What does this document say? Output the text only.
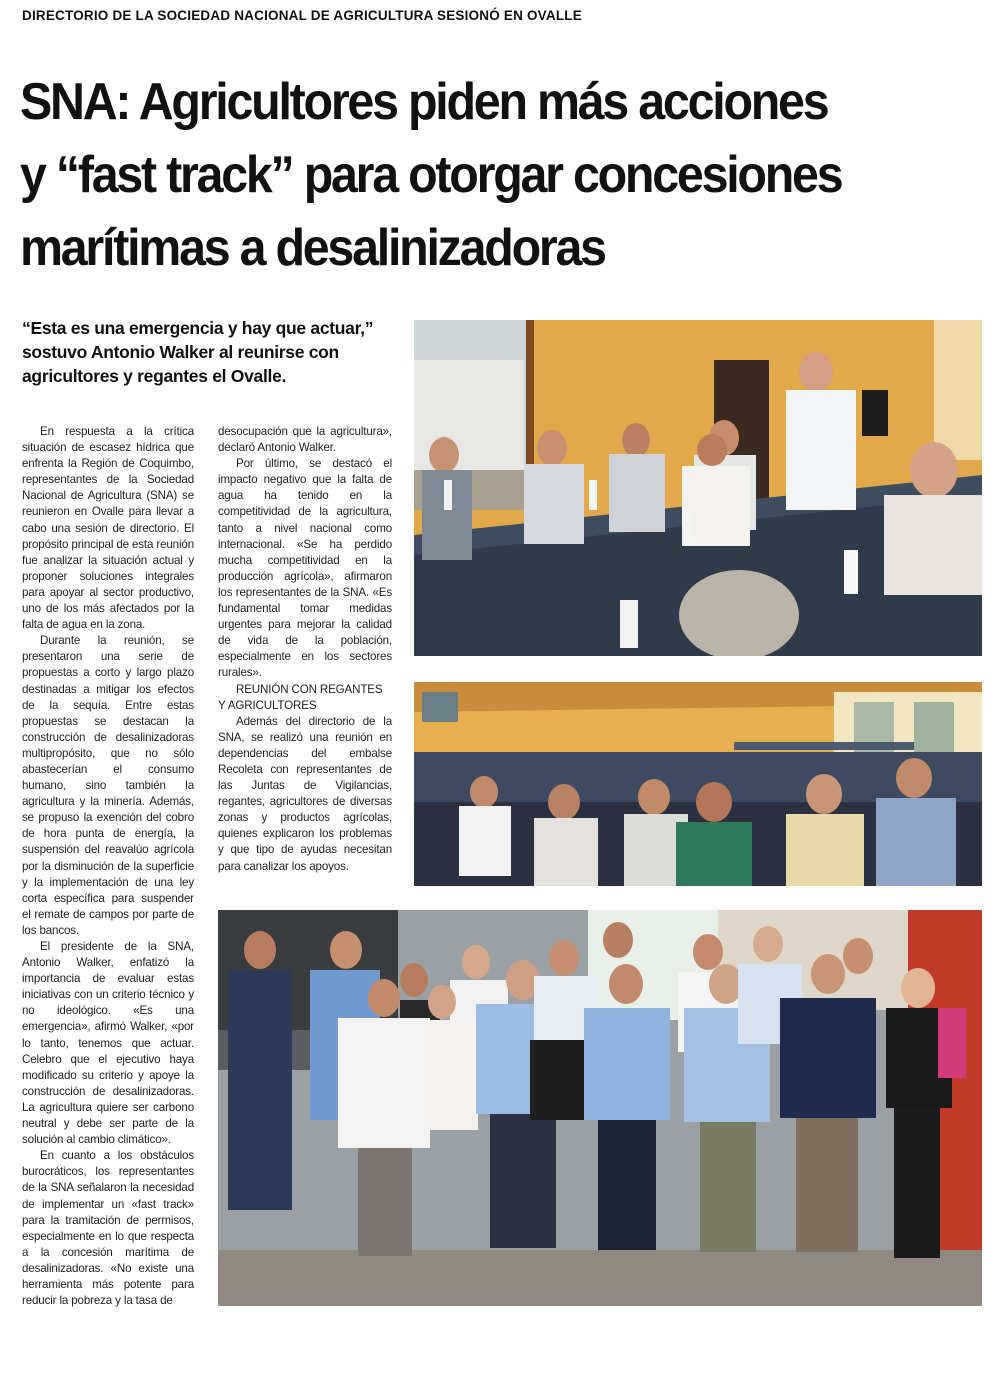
DIRECTORIO DE LA SOCIEDAD NACIONAL DE AGRICULTURA SESIONÓ EN OVALLE
SNA: Agricultores piden más acciones
y “fast track” para otorgar concesiones
marítimas a desalinizadoras

“Esta es una emergencia y hay que actuar,” sostuvo Antonio Walker al reunirse con agricultores y regantes el Ovalle.

En respuesta a la crítica situación de escasez hídrica que enfrenta la Región de Coquimbo, representantes de la Sociedad Nacional de Agricultura (SNA) se reunieron en Ovalle para llevar a cabo una sesión de directorio. El propósito principal de esta reunión fue analizar la situación actual y proponer soluciones integrales para apoyar al sector productivo, uno de los más afectados por la falta de agua en la zona.

Durante la reunión, se presentaron una serie de propuestas a corto y largo plazo destinadas a mitigar los efectos de la sequía. Entre estas propuestas se destacan la construcción de desalinizadoras multipropósito, que no sólo abastecerían el consumo humano, sino también la agricultura y la minería. Además, se propuso la exención del cobro de hora punta de energía, la suspensión del reavalúo agrícola por la disminución de la superficie y la implementación de una ley corta específica para suspender el remate de campos por parte de los bancos.

El presidente de la SNA, Antonio Walker, enfatizó la importancia de evaluar estas iniciativas con un criterio técnico y no ideológico. «Es una emergencia», afirmó Walker, «por lo tanto, tenemos que actuar. Celebro que el ejecutivo haya modificado su criterio y apoye la construcción de desalinizadoras. La agricultura quiere ser carbono neutral y debe ser parte de la solución al cambio climático».

En cuanto a los obstáculos burocráticos, los representantes de la SNA señalaron la necesidad de implementar un «fast track» para la tramitación de permisos, especialmente en lo que respecta a la concesión marítima de desalinizadoras. «No existe una herramienta más potente para reducir la pobreza y la tasa de

desocupación que la agricultura», declaró Antonio Walker.

Por último, se destacó el impacto negativo que la falta de agua ha tenido en la competitividad de la agricultura, tanto a nivel nacional como internacional. «Se ha perdido mucha competitividad en la producción agrícola», afirmaron los representantes de la SNA. «Es fundamental tomar medidas urgentes para mejorar la calidad de vida de la población, especialmente en los sectores rurales».

REUNIÓN CON REGANTES Y AGRICULTORES

Además del directorio de la SNA, se realizó una reunión en dependencias del embalse Recoleta con representantes de las Juntas de Vigilancias, regantes, agricultores de diversas zonas y productos agrícolas, quienes explicaron los problemas y que tipo de ayudas necesitan para canalizar los apoyos.
